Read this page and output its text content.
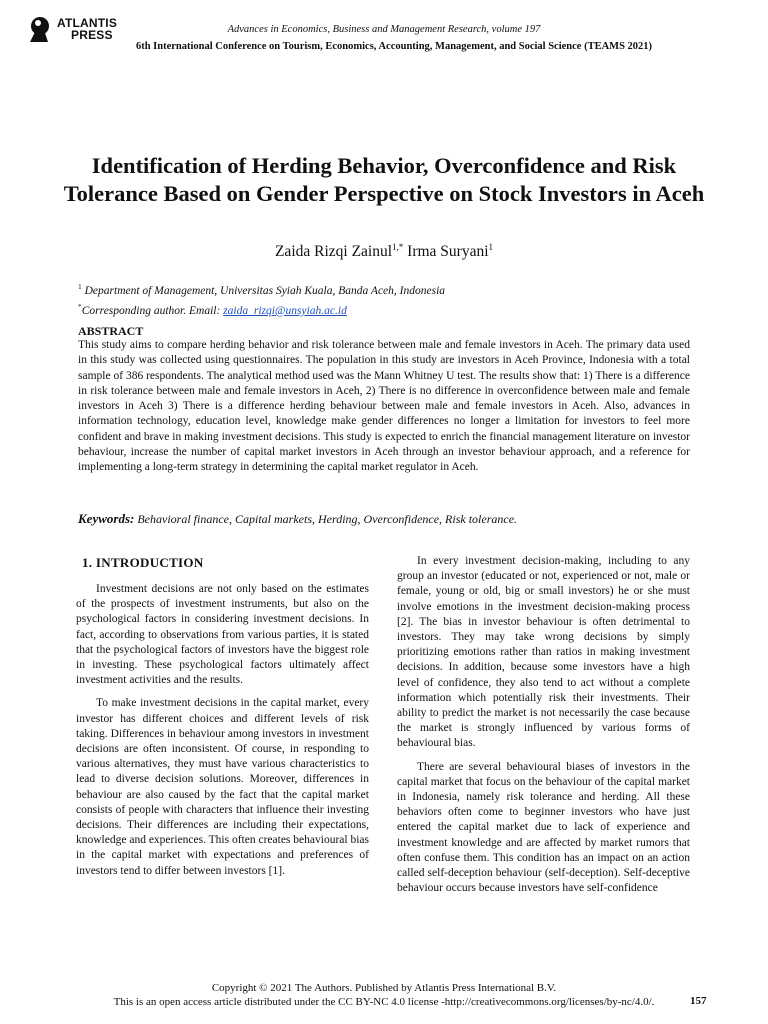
ATLANTIS
PRESS	Advances in Economics, Business and Management Research, volume 197
6th International Conference on Tourism, Economics, Accounting, Management, and Social Science (TEAMS 2021)
Identification of Herding Behavior, Overconfidence and Risk Tolerance Based on Gender Perspective on Stock Investors in Aceh
Zaida Rizqi Zainul$^{1,*}$ Irma Suryani$^1$
$^1$ Department of Management, Universitas Syiah Kuala, Banda Aceh, Indonesia
*Corresponding author. Email: zaida_rizqi@unsyiah.ac.id
ABSTRACT
This study aims to compare herding behavior and risk tolerance between male and female investors in Aceh. The primary data used in this study was collected using questionnaires. The population in this study are investors in Aceh Province, Indonesia with a total sample of 386 respondents. The analytical method used was the Mann Whitney U test. The results show that: 1) There is a difference in risk tolerance between male and female investors in Aceh, 2) There is no difference in overconfidence between male and female investors in Aceh 3) There is a difference herding behaviour between male and female investors in Aceh. Also, advances in information technology, education level, knowledge make gender differences no longer a limitation for investors to feel more confident and brave in making investment decisions. This study is expected to enrich the financial management literature on investor behaviour, increase the number of capital market investors in Aceh through an investor behaviour approach, and a reference for implementing a long-term strategy in determining the capital market regulator in Aceh.
Keywords: Behavioral finance, Capital markets, Herding, Overconfidence, Risk tolerance.
1. INTRODUCTION

Investment decisions are not only based on the estimates of the prospects of investment instruments, but also on the psychological factors in considering investment decisions. In fact, according to observations from various parties, it is stated that the psychological factors of investors have the biggest role in investing. These psychological factors ultimately affect investment activities and the results.

To make investment decisions in the capital market, every investor has different choices and different levels of risk taking. Differences in behaviour among investors in investment decisions are often inconsistent. Of course, in responding to various alternatives, they must have various characteristics to lead to diverse decision solutions. Moreover, differences in behaviour are also caused by the fact that the capital market consists of people with characters that influence their investing decisions. Their differences are including their expectations, knowledge and experiences. This often creates behavioural bias in the capital market with expectations and preferences of investors tend to differ between investors [1].

In every investment decision-making, including to any group an investor (educated or not, experienced or not, male or female, young or old, big or small investors) he or she must involve emotions in the investment decision-making process [2]. The bias in investor behaviour is often detrimental to investors. They may take wrong decisions by simply prioritizing emotions rather than ratios in making investment decisions. In addition, because some investors have a high level of confidence, they also tend to act without a complete information which potentially risk their investments. Their ability to predict the market is not necessarily the case because the market is strongly influenced by various forms of behavioural bias.

There are several behavioural biases of investors in the capital market that focus on the behaviour of the capital market in Indonesia, namely risk tolerance and herding. All these behaviors often come to beginner investors who have just entered the capital market due to lack of experience and investment knowledge and are affected by market rumors that often confuse them. This condition has an impact on an action called self-deception behaviour (self-deception). Self-deceptive behaviour occurs because investors have self-confidence

Copyright © 2021 The Authors. Published by Atlantis Press International B.V.
This is an open access article distributed under the CC BY-NC 4.0 license -http://creativecommons.org/licenses/by-nc/4.0/.	157
